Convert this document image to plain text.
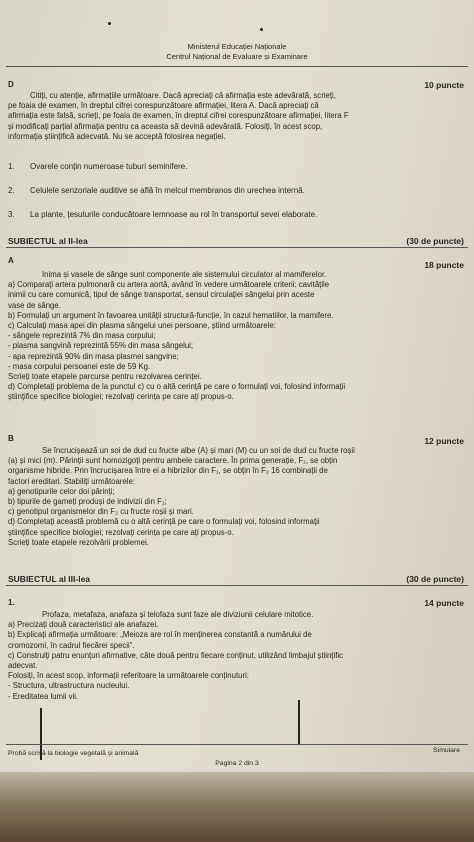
Ministerul Educației Naționale
Centrul Național de Evaluare și Examinare
D	10 puncte
Citiți, cu atenție, afirmațiile următoare. Dacă apreciați că afirmația este adevărată, scrieți,
pe foaia de examen, în dreptul cifrei corespunzătoare afirmației, litera A. Dacă apreciați că
afirmația este falsă, scrieți, pe foaia de examen, în dreptul cifrei corespunzătoare afirmației, litera F
și modificați parțial afirmația pentru ca aceasta să devină adevărată. Folosiți, în acest scop,
informația științifică adecvată. Nu se acceptă folosirea negației.
1. Ovarele conțin numeroase tuburi seminifere.
2. Celulele senzoriale auditive se află în melcul membranos din urechea internă.
3. La plante, țesuturile conducătoare lemnoase au rol în transportul sevei elaborate.
SUBIECTUL al II-lea	(30 de puncte)
A	18 puncte
Inima și vasele de sânge sunt componente ale sistemului circulator al mamiferelor.
a) Comparați artera pulmonară cu artera aortă, având în vedere următoarele criterii: cavitățile
inimii cu care comunică, tipul de sânge transportat, sensul circulației sângelui prin aceste
vase de sânge.
b) Formulați un argument în favoarea unității structură-funcție, în cazul hematiilor, la mamifere.
c) Calculați masa apei din plasma sângelui unei persoane, știind următoarele:
- sângele reprezintă 7% din masa corpului;
- plasma sangvină reprezintă 55% din masa sângelui;
- apa reprezintă 90% din masa plasmei sangvine;
- masa corpului persoanei este de 59 Kg.
Scrieți toate etapele parcurse pentru rezolvarea cerinței.
d) Completați problema de la punctul c) cu o altă cerință pe care o formulați voi, folosind informații
științifice specifice biologiei; rezolvați cerința pe care ați propus-o.
B	12 puncte
Se încrucișează un soi de dud cu fructe albe (A) și mari (M) cu un soi de dud cu fructe roșii
(a) și mici (m). Părinții sunt homozigoți pentru ambele caractere. În prima generație, F₁, se obțin
organisme hibride. Prin încrucișarea între ei a hibrizilor din F₁, se obțin în F₂ 16 combinații de
factori ereditari. Stabiliți următoarele:
a) genotipurile celor doi părinți;
b) tipurile de gameți produși de indivizii din F₁;
c) genotipul organismelor din F₂ cu fructe roșii și mari.
d) Completați această problemă cu o altă cerință pe care o formulați voi, folosind informații
științifice specifice biologiei; rezolvați cerința pe care ați propus-o.
Scrieți toate etapele rezolvării problemei.
SUBIECTUL al III-lea	(30 de puncte)
1.	14 puncte
Profaza, metafaza, anafaza și telofaza sunt faze ale diviziunii celulare mitotice.
a) Precizați două caracteristici ale anafazei.
b) Explicați afirmația următoare: „Meioza are rol în menținerea constantă a numărului de
cromozomi, în cadrul fiecărei specii”.
c) Construiți patru enunțuri afirmative, câte două pentru fiecare conținut, utilizând limbajul științific
adecvat.
Folosiți, în acest scop, informații referitoare la următoarele conținuturi:
- Structura, ultrastructura nucleului.
- Ereditatea lumii vii.
Probă scrisă la biologie vegetală și animală	Simulare
Pagina 2 din 3
